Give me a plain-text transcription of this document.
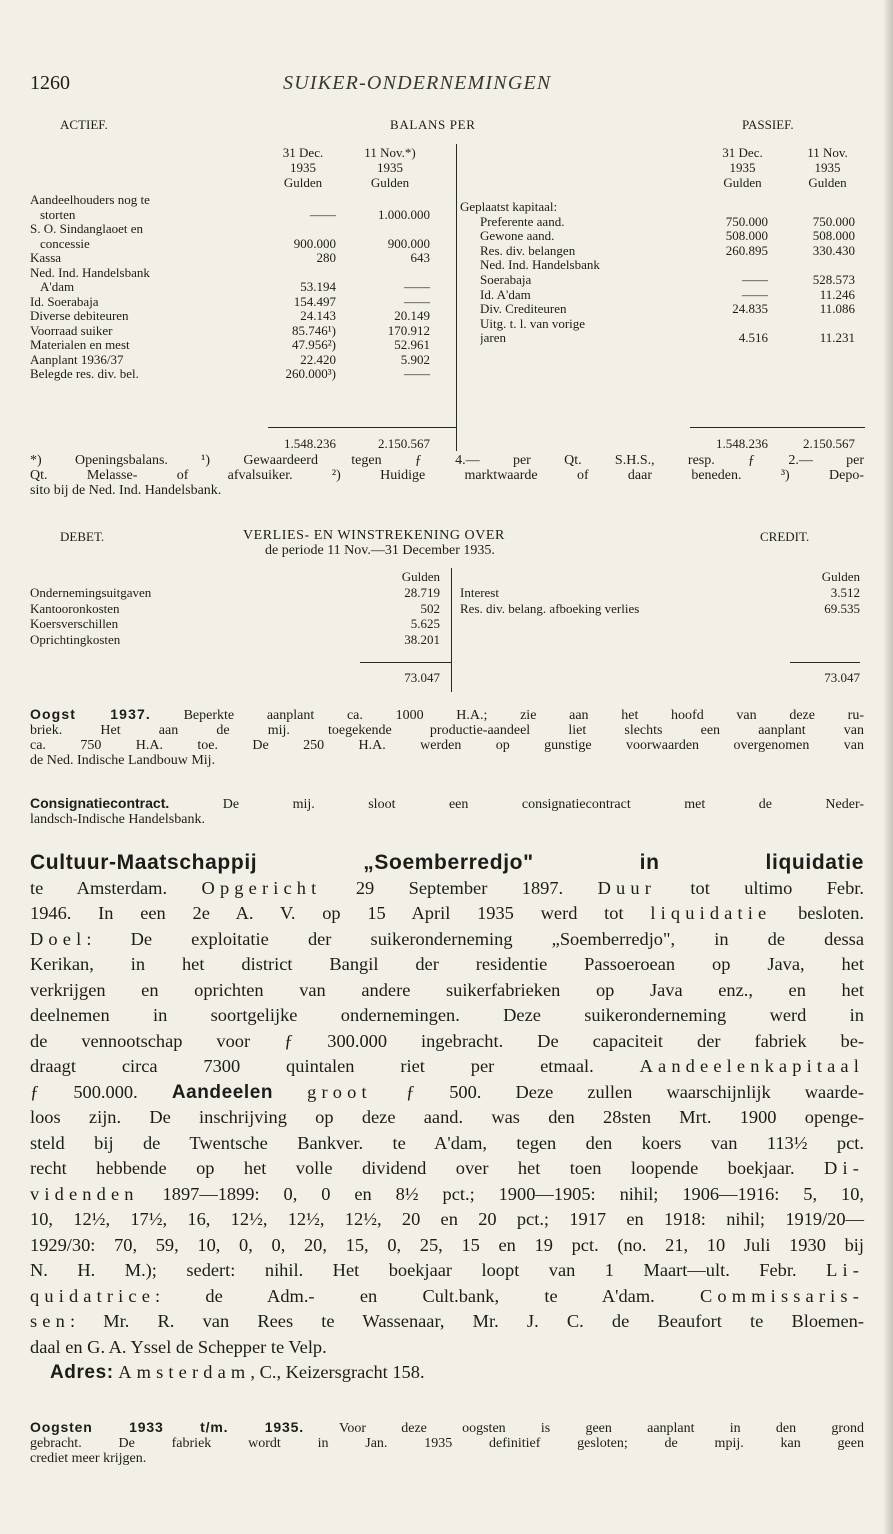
1260	SUIKER-ONDERNEMINGEN
ACTIEF.	BALANS PER	PASSIEF.
31 Dec.
1935
Gulden
11 Nov.*)
1935
Gulden
31 Dec.
1935
Gulden
11 Nov.
1935
Gulden
Aandeelhouders nog te
storten	——	1.000.000
S. O. Sindanglaoet en
concessie	900.000	900.000
Kassa	280	643
Ned. Ind. Handelsbank
A'dam	53.194	——
Id. Soerabaja	154.497	——
Diverse debiteuren	24.143	20.149
Voorraad suiker	85.746¹)	170.912
Materialen en mest	47.956²)	52.961
Aanplant 1936/37	22.420	5.902
Belegde res. div. bel.	260.000³)	——
Geplaatst kapitaal:
Preferente aand.	750.000	750.000
Gewone aand.	508.000	508.000
Res. div. belangen	260.895	330.430
Ned. Ind. Handelsbank
Soerabaja	——	528.573
Id. A'dam	——	11.246
Div. Crediteuren	24.835	11.086
Uitg. t. l. van vorige
jaren	4.516	11.231
1.548.236	2.150.567	1.548.236	2.150.567
*) Openingsbalans. ¹) Gewaardeerd tegen ƒ 4.— per Qt. S.H.S., resp. ƒ 2.— per
Qt. Melasse- of afvalsuiker. ²) Huidige marktwaarde of daar beneden. ³) Depo-
sito bij de Ned. Ind. Handelsbank.
DEBET.	VERLIES- EN WINSTREKENING OVER
de periode 11 Nov.—31 December 1935.
CREDIT.
Gulden	Gulden
Ondernemingsuitgaven	28.719
Kantooronkosten	502
Koersverschillen	5.625
Oprichtingkosten	38.201
Interest	3.512
Res. div. belang. afboeking verlies	69.535
73.047	73.047
Oogst 1937. Beperkte aanplant ca. 1000 H.A.; zie aan het hoofd van deze ru-
briek. Het aan de mij. toegekende productie-aandeel liet slechts een aanplant van
ca. 750 H.A. toe. De 250 H.A. werden op gunstige voorwaarden overgenomen van
de Ned. Indische Landbouw Mij.
Consignatiecontract.	De mij. sloot een consignatiecontract met de Neder-
landsch-Indische Handelsbank.
Cultuur-Maatschappij „Soemberredjo" in liquidatie
te Amsterdam. Opgericht 29 September 1897. Duur tot ultimo Febr.
1946. In een 2e A. V. op 15 April 1935 werd tot liquidatie besloten.
Doel: De exploitatie der suikeronderneming „Soemberredjo", in de dessa
Kerikan, in het district Bangil der residentie Passoeroean op Java, het
verkrijgen en oprichten van andere suikerfabrieken op Java enz., en het
deelnemen in soortgelijke ondernemingen. Deze suikeronderneming werd in
de vennootschap voor ƒ 300.000 ingebracht. De capaciteit der fabriek be-
draagt circa 7300 quintalen riet per etmaal. Aandeelenkapitaal
ƒ 500.000. Aandeelen groot ƒ 500. Deze zullen waarschijnlijk waarde-
loos zijn. De inschrijving op deze aand. was den 28sten Mrt. 1900 openge-
steld bij de Twentsche Bankver. te A'dam, tegen den koers van 113½ pct.
recht hebbende op het volle dividend over het toen loopende boekjaar. Di-
videnden 1897—1899: 0, 0 en 8½ pct.; 1900—1905: nihil; 1906—1916: 5, 10,
10, 12½, 17½, 16, 12½, 12½, 12½, 20 en 20 pct.; 1917 en 1918: nihil; 1919/20—
1929/30: 70, 59, 10, 0, 0, 20, 15, 0, 25, 15 en 19 pct. (no. 21, 10 Juli 1930 bij
N. H. M.); sedert: nihil. Het boekjaar loopt van 1 Maart—ult. Febr. Li-
quidatrice: de Adm.- en Cult.bank, te A'dam. Commissaris-
sen: Mr. R. van Rees te Wassenaar, Mr. J. C. de Beaufort te Bloemen-
daal en G. A. Yssel de Schepper te Velp.
Adres: Amsterdam, C., Keizersgracht 158.
Oogsten 1933 t/m. 1935. Voor deze oogsten is geen aanplant in den grond
gebracht. De fabriek wordt in Jan. 1935 definitief gesloten; de mpij. kan geen
crediet meer krijgen.
